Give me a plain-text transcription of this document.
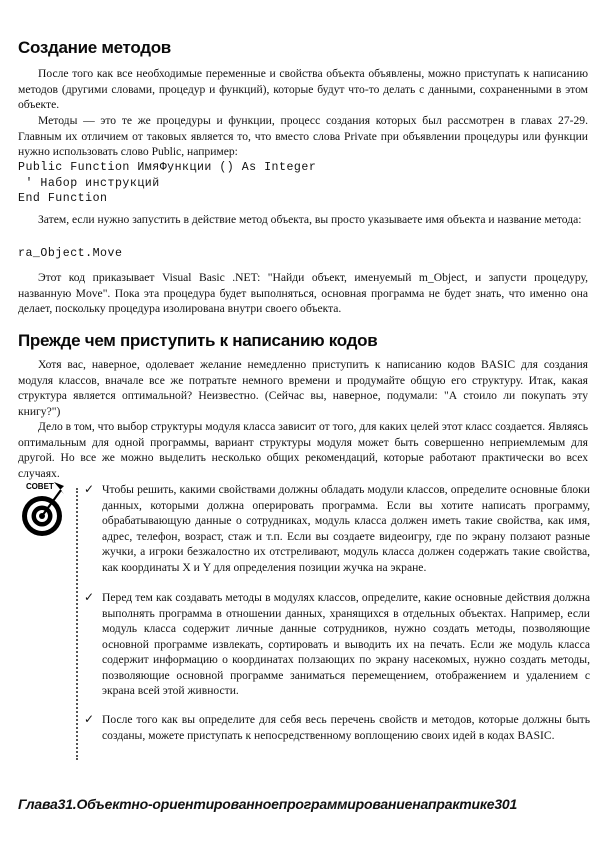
Создание методов

После того как все необходимые переменные и свойства объекта объявлены, можно приступать к написанию методов (другими словами, процедур и функций), которые будут что-то делать с данными, сохраненными в этом объекте.

Методы — это те же процедуры и функции, процесс создания которых был рассмотрен в главах 27-29. Главным их отличием от таковых является то, что вместо слова Private при объявлении процедуры или функции нужно использовать слово Public, например:

Public Function ИмяФункции () As Integer
' Набор инструкций
End Function

Затем, если нужно запустить в действие метод объекта, вы просто указываете имя объекта и название метода:

ra_Object.Move

Этот код приказывает Visual Basic .NET: "Найди объект, именуемый m_Object, и запусти процедуру, названную Move". Пока эта процедура будет выполняться, основная программа не будет знать, что именно она делает, поскольку процедура изолирована внутри своего объекта.

Прежде чем приступить к написанию кодов

Хотя вас, наверное, одолевает желание немедленно приступить к написанию кодов BASIC для создания модуля классов, вначале все же потратьте немного времени и продумайте общую его структуру. Итак, какая структура является оптимальной? Неизвестно. (Сейчас вы, наверное, подумали: "А стоило ли покупать эту книгу?")

Дело в том, что выбор структуры модуля класса зависит от того, для каких целей этот класс создается. Являясь оптимальным для одной программы, вариант структуры модуля может быть совершенно неприемлемым для другой. Но все же можно выделить несколько общих рекомендаций, которые работают практически во всех случаях.

СОВЕТ	✓ Чтобы решить, какими свойствами должны обладать модули классов, определите основные блоки данных, которыми должна оперировать программа. Если вы хотите написать программу, обрабатывающую данные о сотрудниках, модуль класса должен иметь такие свойства, как имя, адрес, телефон, возраст, стаж и т.п. Если вы создаете видеоигру, где по экрану ползают разные жучки, а игроки безжалостно их отстреливают, модуль класса должен содержать такие свойства, как координаты X и Y для определения позиции жучка на экране.

✓ Перед тем как создавать методы в модулях классов, определите, какие основные действия должна выполнять программа в отношении данных, хранящихся в отдельных объектах. Например, если модуль класса содержит личные данные сотрудников, нужно создать методы, позволяющие основной программе извлекать, сортировать и выводить их на печать. Если же модуль класса содержит информацию о координатах ползающих по экрану насекомых, нужно создать методы, позволяющие основной программе заниматься перемещением, отображением и удалением с экрана всей этой живности.

✓ После того как вы определите для себя весь перечень свойств и методов, которые должны быть созданы, можете приступать к непосредственному воплощению своих идей в кодах BASIC.

Глава31.Объектно-ориентированноепрограммированиенапрактике301
